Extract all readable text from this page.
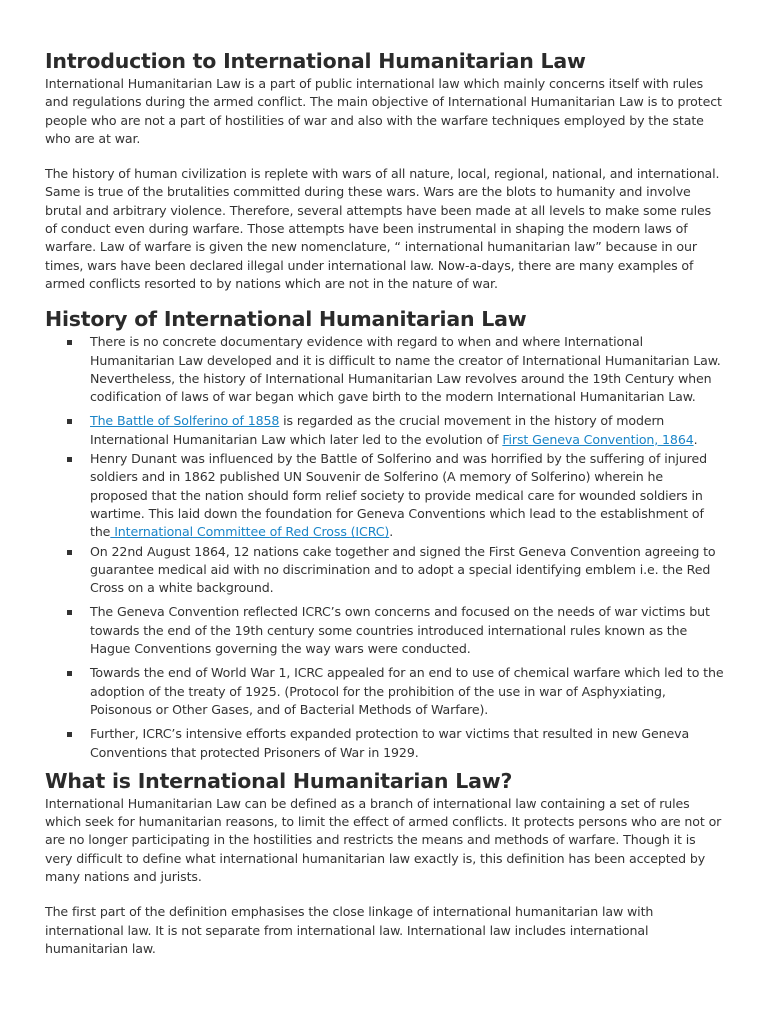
Introduction to International Humanitarian Law

International Humanitarian Law is a part of public international law which mainly concerns itself with rules and regulations during the armed conflict. The main objective of International Humanitarian Law is to protect people who are not a part of hostilities of war and also with the warfare techniques employed by the state who are at war.

The history of human civilization is replete with wars of all nature, local, regional, national, and international. Same is true of the brutalities committed during these wars. Wars are the blots to humanity and involve brutal and arbitrary violence. Therefore, several attempts have been made at all levels to make some rules of conduct even during warfare. Those attempts have been instrumental in shaping the modern laws of warfare. Law of warfare is given the new nomenclature, “ international humanitarian law” because in our times, wars have been declared illegal under international law. Now-a-days, there are many examples of armed conflicts resorted to by nations which are not in the nature of war.

History of International Humanitarian Law
There is no concrete documentary evidence with regard to when and where International Humanitarian Law developed and it is difficult to name the creator of International Humanitarian Law. Nevertheless, the history of International Humanitarian Law revolves around the 19th Century when codification of laws of war began which gave birth to the modern International Humanitarian Law.
The Battle of Solferino of 1858 is regarded as the crucial movement in the history of modern International Humanitarian Law which later led to the evolution of First Geneva Convention, 1864.
Henry Dunant was influenced by the Battle of Solferino and was horrified by the suffering of injured soldiers and in 1862 published UN Souvenir de Solferino (A memory of Solferino) wherein he proposed that the nation should form relief society to provide medical care for wounded soldiers in wartime. This laid down the foundation for Geneva Conventions which lead to the establishment of the International Committee of Red Cross (ICRC).
On 22nd August 1864, 12 nations cake together and signed the First Geneva Convention agreeing to guarantee medical aid with no discrimination and to adopt a special identifying emblem i.e. the Red Cross on a white background.
The Geneva Convention reflected ICRC’s own concerns and focused on the needs of war victims but towards the end of the 19th century some countries introduced international rules known as the Hague Conventions governing the way wars were conducted.
Towards the end of World War 1, ICRC appealed for an end to use of chemical warfare which led to the adoption of the treaty of 1925. (Protocol for the prohibition of the use in war of Asphyxiating, Poisonous or Other Gases, and of Bacterial Methods of Warfare).
Further, ICRC’s intensive efforts expanded protection to war victims that resulted in new Geneva Conventions that protected Prisoners of War in 1929.
What is International Humanitarian Law?

International Humanitarian Law can be defined as a branch of international law containing a set of rules which seek for humanitarian reasons, to limit the effect of armed conflicts. It protects persons who are not or are no longer participating in the hostilities and restricts the means and methods of warfare. Though it is very difficult to define what international humanitarian law exactly is, this definition has been accepted by many nations and jurists.

The first part of the definition emphasises the close linkage of international humanitarian law with international law. It is not separate from international law. International law includes international humanitarian law.
